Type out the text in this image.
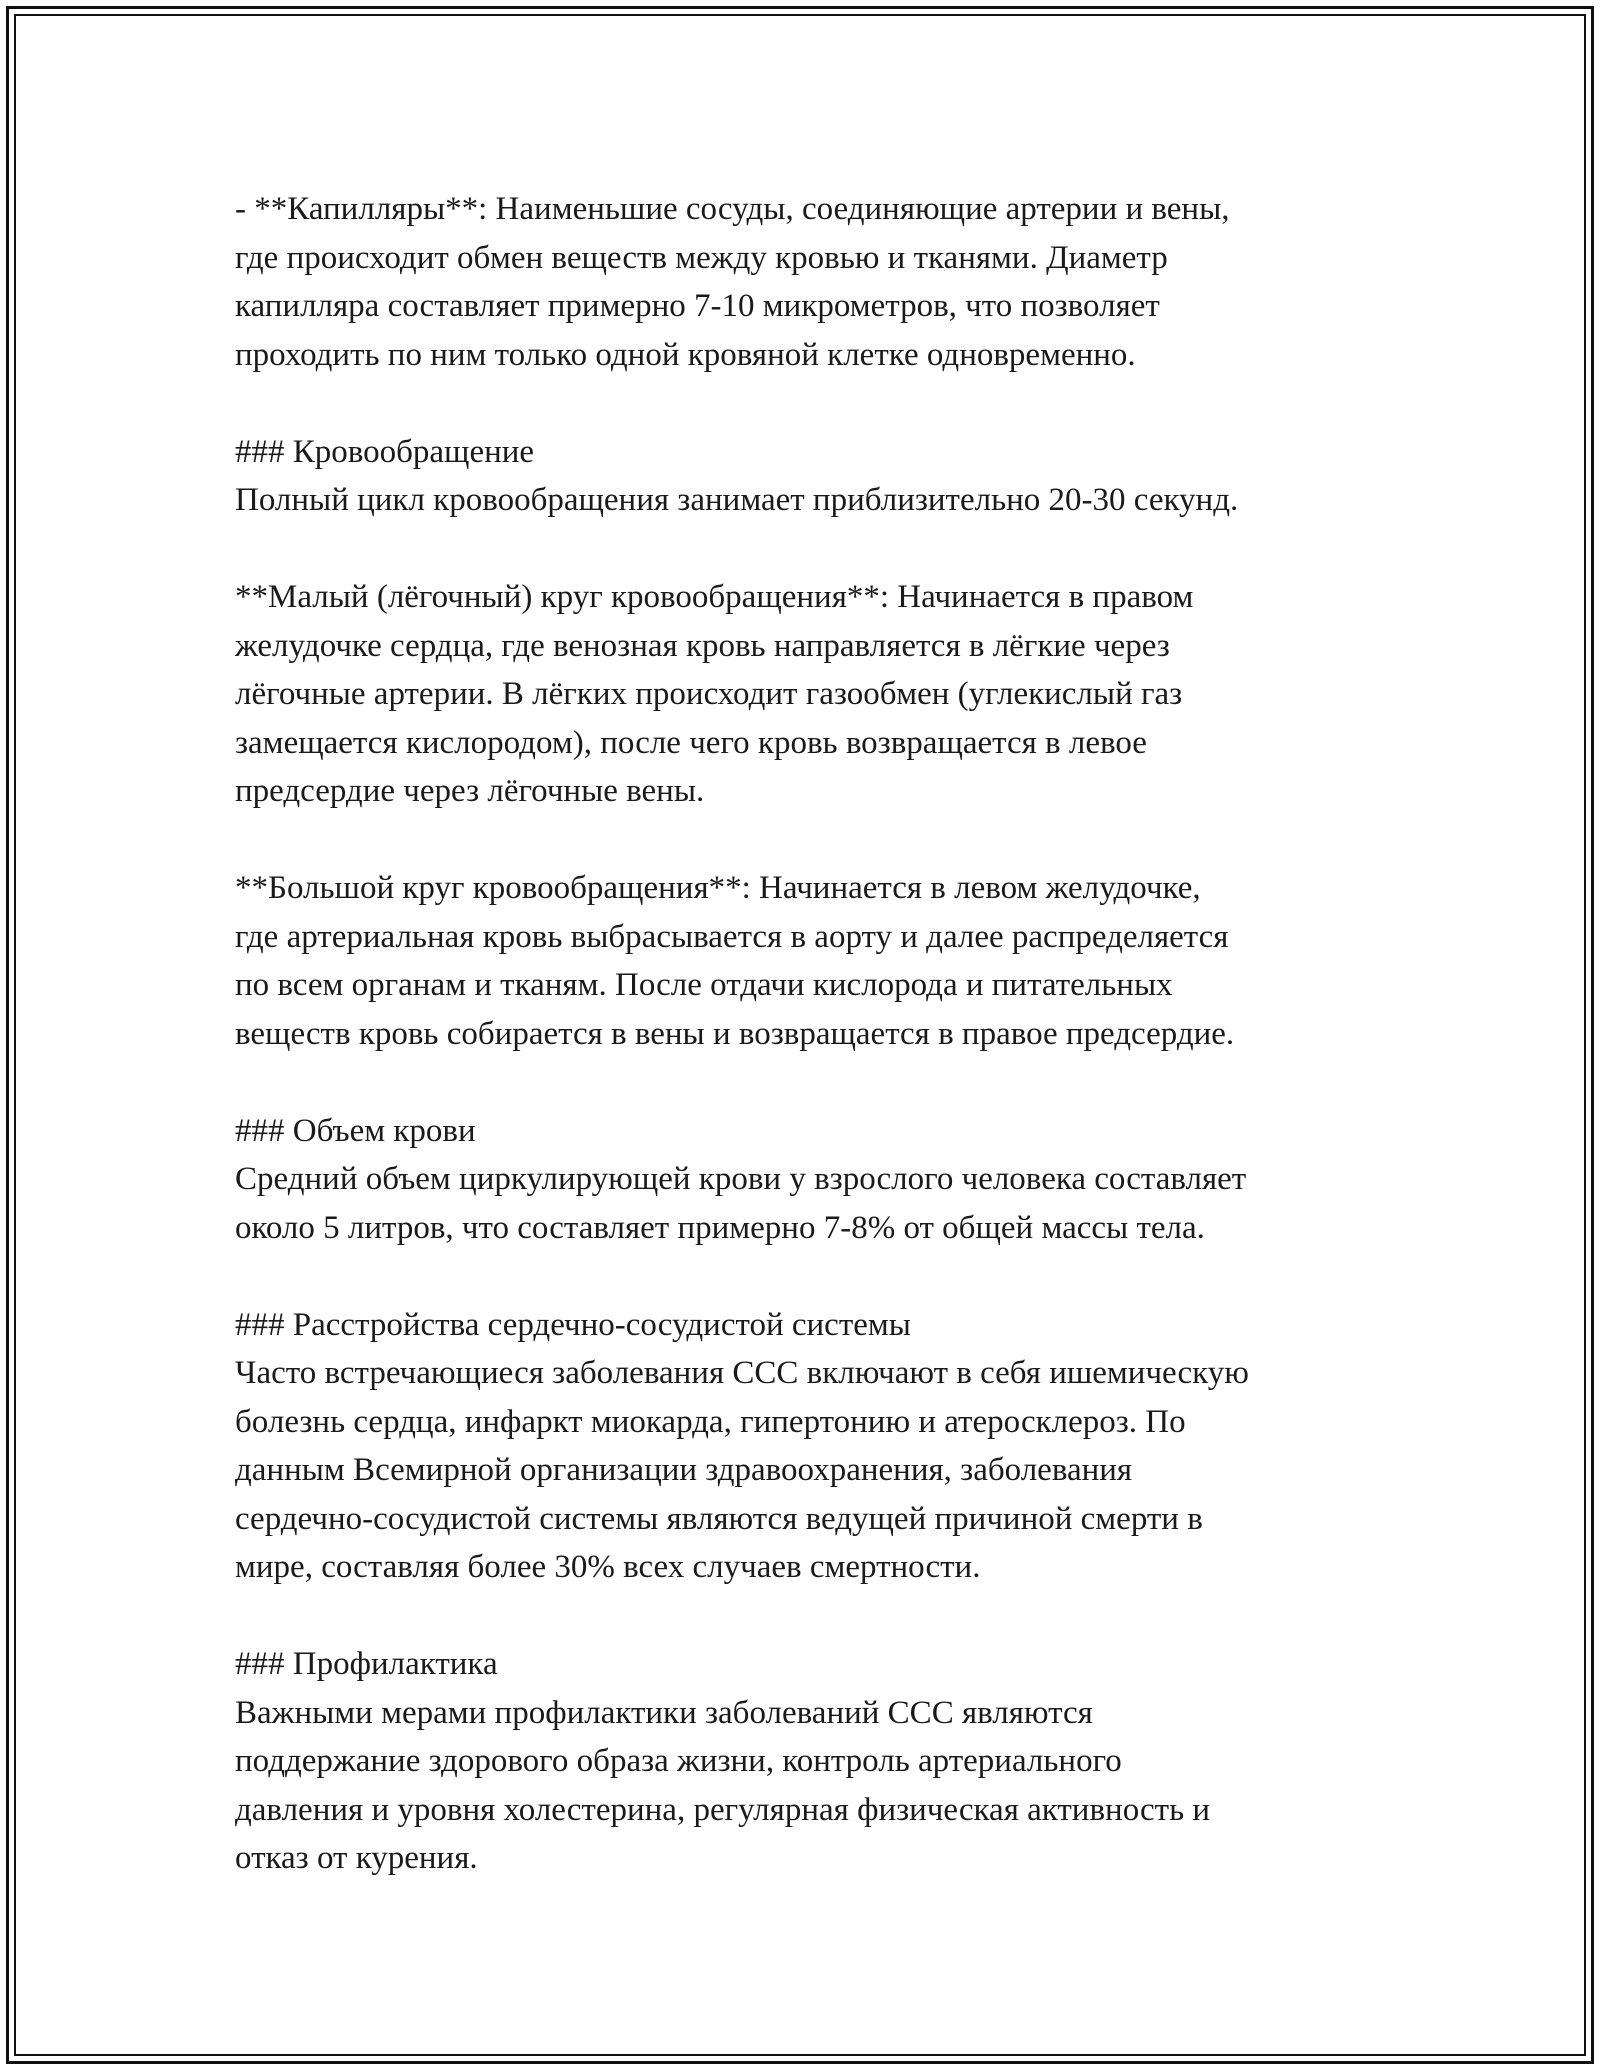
- **Капилляры**: Наименьшие сосуды, соединяющие артерии и вены,
где происходит обмен веществ между кровью и тканями. Диаметр
капилляра составляет примерно 7-10 микрометров, что позволяет
проходить по ним только одной кровяной клетке одновременно.

### Кровообращение

Полный цикл кровообращения занимает приблизительно 20-30 секунд.

**Малый (лёгочный) круг кровообращения**: Начинается в правом
желудочке сердца, где венозная кровь направляется в лёгкие через
лёгочные артерии. В лёгких происходит газообмен (углекислый газ
замещается кислородом), после чего кровь возвращается в левое
предсердие через лёгочные вены.

**Большой круг кровообращения**: Начинается в левом желудочке,
где артериальная кровь выбрасывается в аорту и далее распределяется
по всем органам и тканям. После отдачи кислорода и питательных
веществ кровь собирается в вены и возвращается в правое предсердие.

### Объем крови

Средний объем циркулирующей крови у взрослого человека составляет
около 5 литров, что составляет примерно 7-8% от общей массы тела.

### Расстройства сердечно-сосудистой системы

Часто встречающиеся заболевания ССС включают в себя ишемическую
болезнь сердца, инфаркт миокарда, гипертонию и атеросклероз. По
данным Всемирной организации здравоохранения, заболевания
сердечно-сосудистой системы являются ведущей причиной смерти в
мире, составляя более 30% всех случаев смертности.

### Профилактика

Важными мерами профилактики заболеваний ССС являются
поддержание здорового образа жизни, контроль артериального
давления и уровня холестерина, регулярная физическая активность и
отказ от курения.
